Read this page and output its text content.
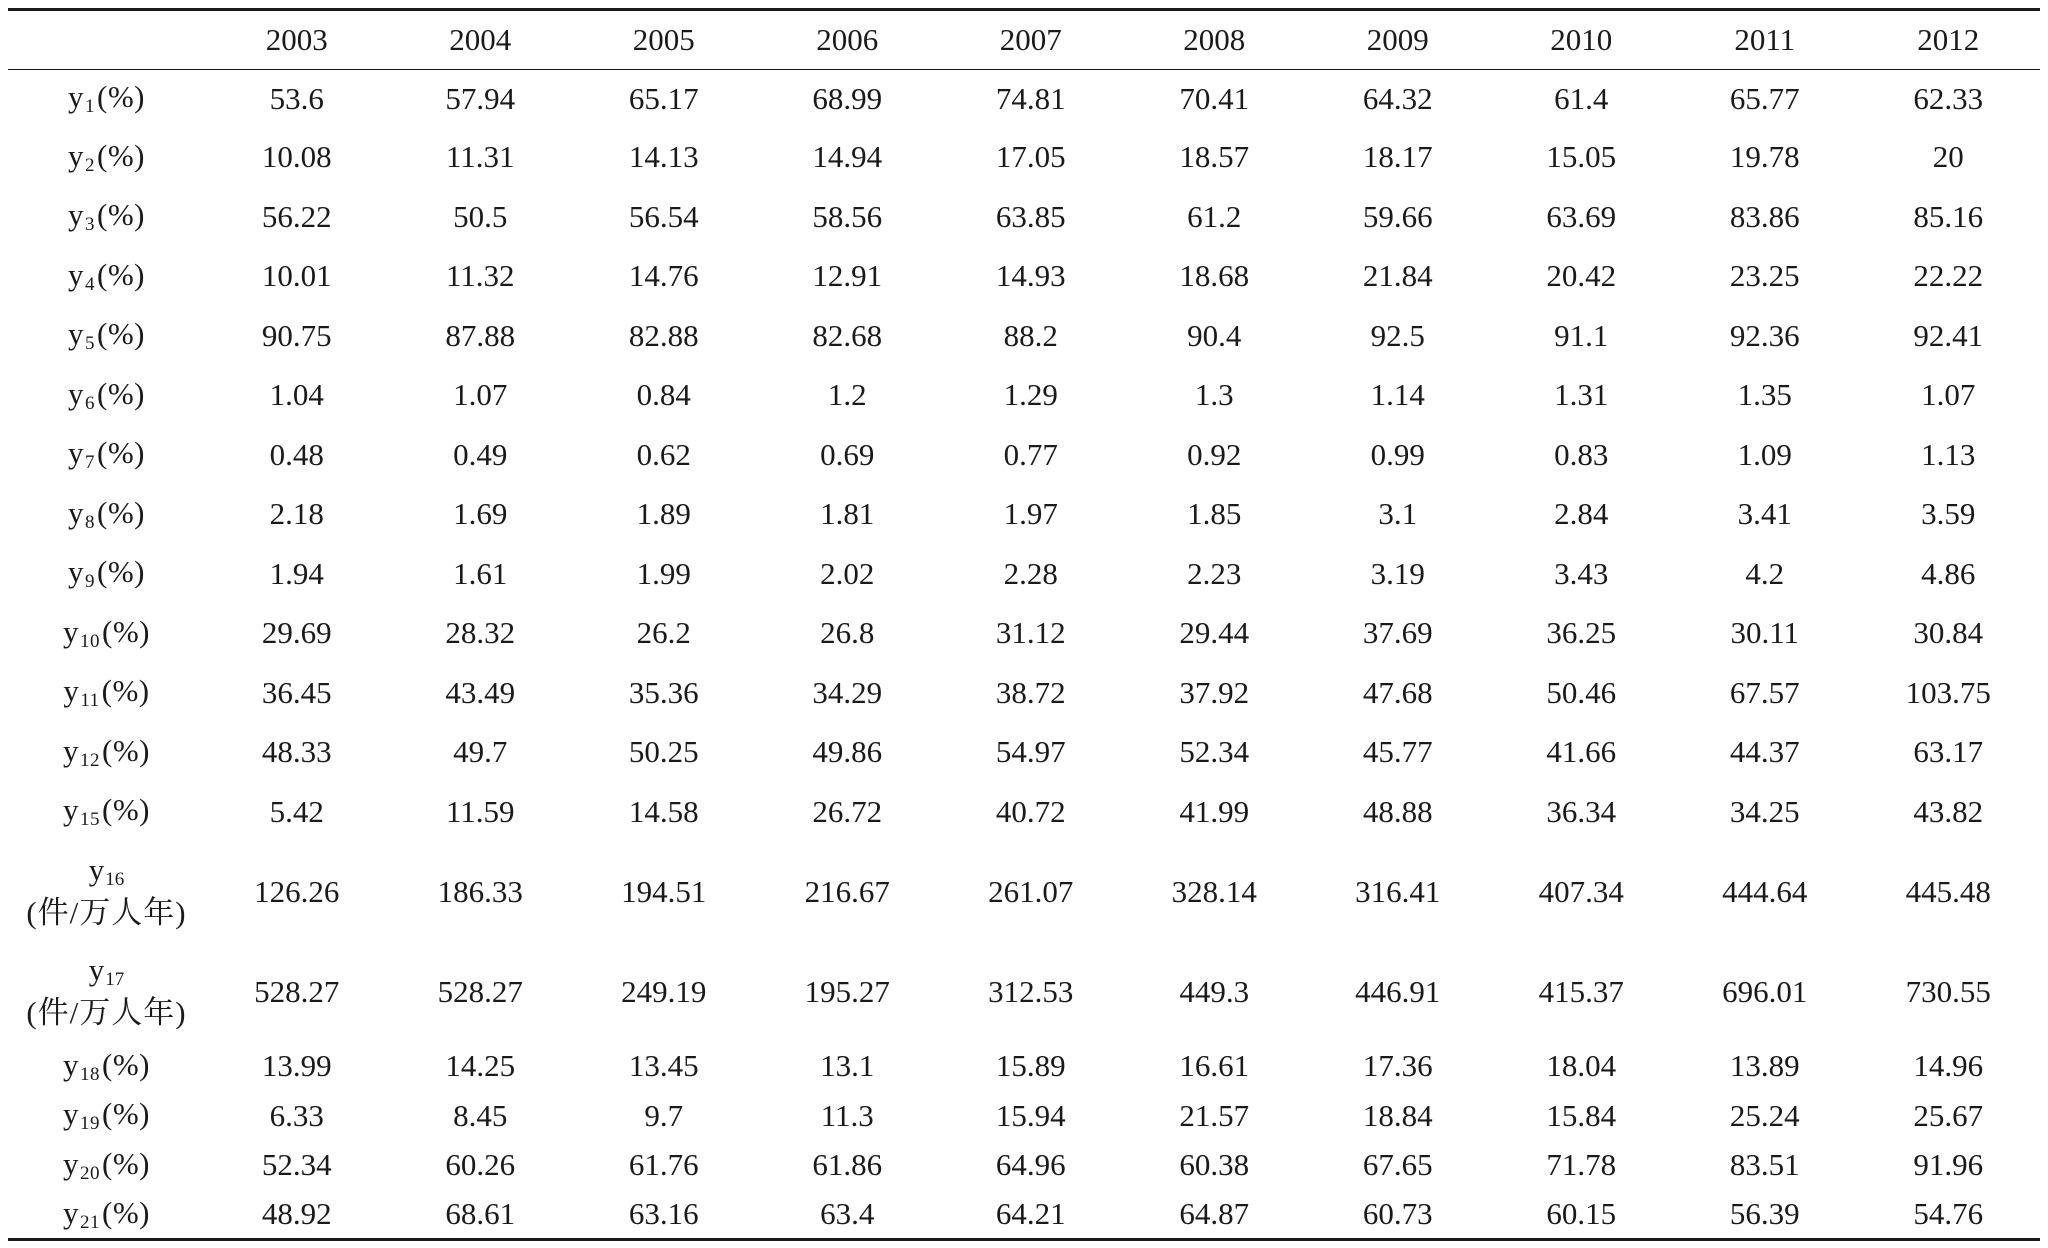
	2003	2004	2005	2006	2007	2008	2009	2010	2011	2012
$y_1(\%)$	53.6	57.94	65.17	68.99	74.81	70.41	64.32	61.4	65.77	62.33
$y_2(\%)$	10.08	11.31	14.13	14.94	17.05	18.57	18.17	15.05	19.78	20
$y_3(\%)$	56.22	50.5	56.54	58.56	63.85	61.2	59.66	63.69	83.86	85.16
$y_4(\%)$	10.01	11.32	14.76	12.91	14.93	18.68	21.84	20.42	23.25	22.22
$y_5(\%)$	90.75	87.88	82.88	82.68	88.2	90.4	92.5	91.1	92.36	92.41
$y_6(\%)$	1.04	1.07	0.84	1.2	1.29	1.3	1.14	1.31	1.35	1.07
$y_7(\%)$	0.48	0.49	0.62	0.69	0.77	0.92	0.99	0.83	1.09	1.13
$y_8(\%)$	2.18	1.69	1.89	1.81	1.97	1.85	3.1	2.84	3.41	3.59
$y_9(\%)$	1.94	1.61	1.99	2.02	2.28	2.23	3.19	3.43	4.2	4.86
$y_{10}(\%)$	29.69	28.32	26.2	26.8	31.12	29.44	37.69	36.25	30.11	30.84
$y_{11}(\%)$	36.45	43.49	35.36	34.29	38.72	37.92	47.68	50.46	67.57	103.75
$y_{12}(\%)$	48.33	49.7	50.25	49.86	54.97	52.34	45.77	41.66	44.37	63.17
$y_{15}(\%)$	5.42	11.59	14.58	26.72	40.72	41.99	48.88	36.34	34.25	43.82

$y_{16}$
(件/万人年)	126.26	186.33	194.51	216.67	261.07	328.14	316.41	407.34	444.64	445.48

$y_{17}$
(件/万人年)	528.27	528.27	249.19	195.27	312.53	449.3	446.91	415.37	696.01	730.55
$y_{18}(\%)$	13.99	14.25	13.45	13.1	15.89	16.61	17.36	18.04	13.89	14.96
$y_{19}(\%)$	6.33	8.45	9.7	11.3	15.94	21.57	18.84	15.84	25.24	25.67
$y_{20}(\%)$	52.34	60.26	61.76	61.86	64.96	60.38	67.65	71.78	83.51	91.96
$y_{21}(\%)$	48.92	68.61	63.16	63.4	64.21	64.87	60.73	60.15	56.39	54.76
